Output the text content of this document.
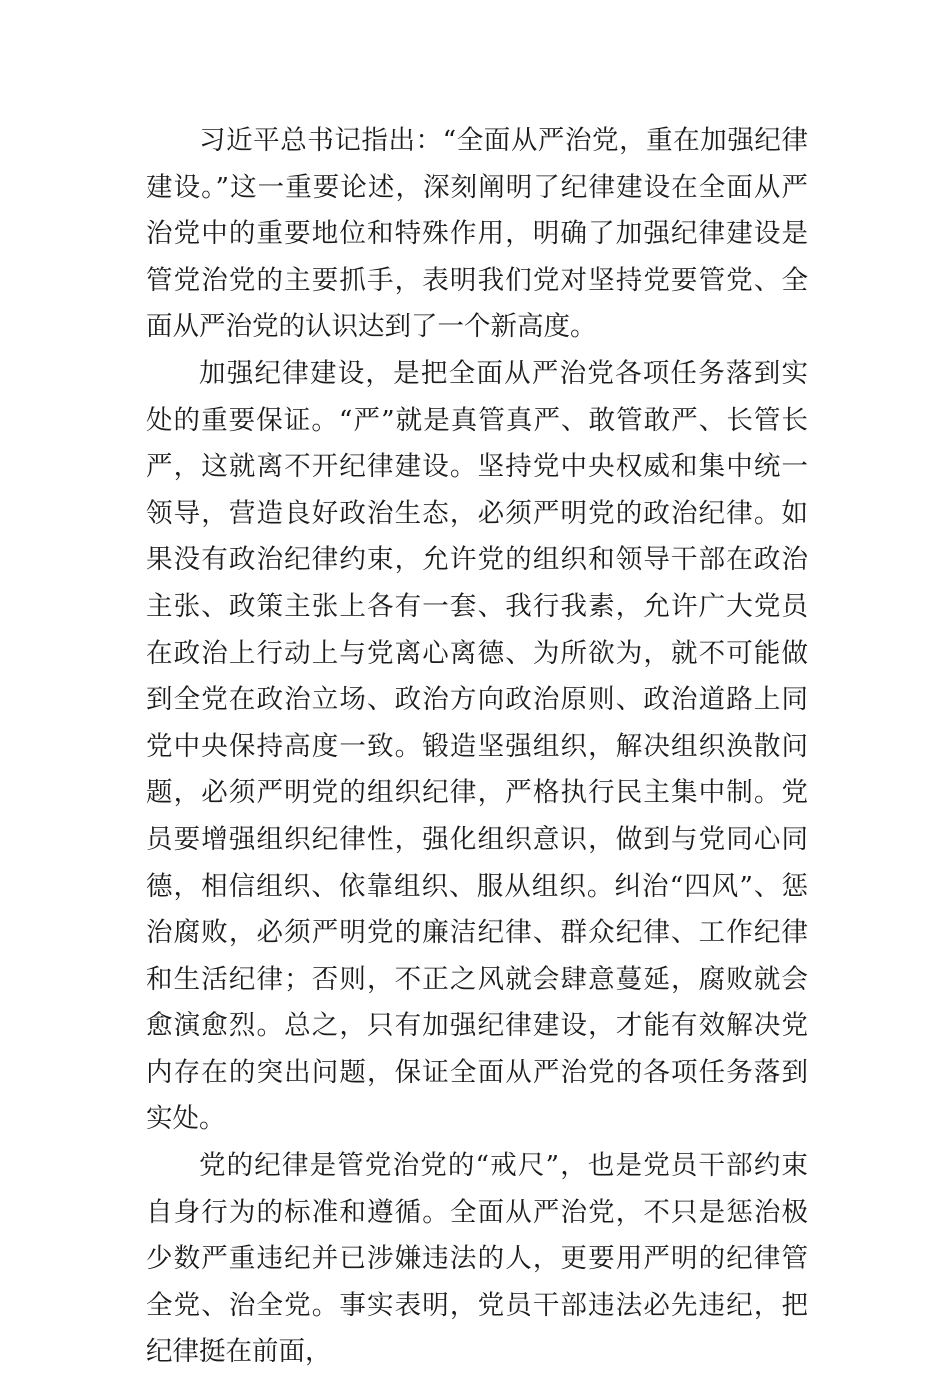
习近平总书记指出：“全面从严治党，重在加强纪律建设。”这一重要论述，深刻阐明了纪律建设在全面从严治党中的重要地位和特殊作用，明确了加强纪律建设是管党治党的主要抓手，表明我们党对坚持党要管党、全面从严治党的认识达到了一个新高度。

加强纪律建设，是把全面从严治党各项任务落到实处的重要保证。“严”就是真管真严、敢管敢严、长管长严，这就离不开纪律建设。坚持党中央权威和集中统一领导，营造良好政治生态，必须严明党的政治纪律。如果没有政治纪律约束，允许党的组织和领导干部在政治主张、政策主张上各有一套、我行我素，允许广大党员在政治上行动上与党离心离德、为所欲为，就不可能做到全党在政治立场、政治方向政治原则、政治道路上同党中央保持高度一致。锻造坚强组织，解决组织涣散问题，必须严明党的组织纪律，严格执行民主集中制。党员要增强组织纪律性，强化组织意识，做到与党同心同德，相信组织、依靠组织、服从组织。纠治“四风”、惩治腐败，必须严明党的廉洁纪律、群众纪律、工作纪律和生活纪律；否则，不正之风就会肆意蔓延，腐败就会愈演愈烈。总之，只有加强纪律建设，才能有效解决党内存在的突出问题，保证全面从严治党的各项任务落到实处。

党的纪律是管党治党的“戒尺”，也是党员干部约束自身行为的标准和遵循。全面从严治党，不只是惩治极少数严重违纪并已涉嫌违法的人，更要用严明的纪律管全党、治全党。事实表明，党员干部违法必先违纪，把纪律挺在前面，
